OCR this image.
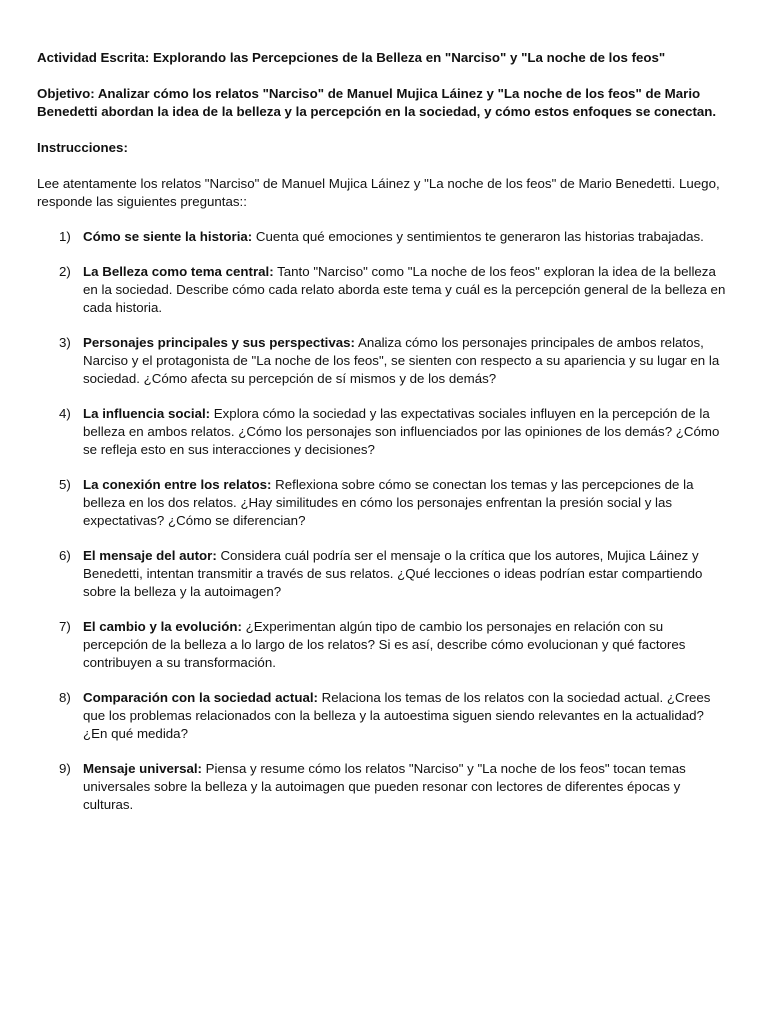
Actividad Escrita: Explorando las Percepciones de la Belleza en "Narciso" y "La noche de los feos"

Objetivo: Analizar cómo los relatos "Narciso" de Manuel Mujica Láinez y "La noche de los feos" de Mario Benedetti abordan la idea de la belleza y la percepción en la sociedad, y cómo estos enfoques se conectan.

Instrucciones:

Lee atentamente los relatos "Narciso" de Manuel Mujica Láinez y "La noche de los feos" de Mario Benedetti. Luego, responde las siguientes preguntas::

1) Cómo se siente la historia: Cuenta qué emociones y sentimientos te generaron las historias trabajadas.
2) La Belleza como tema central: Tanto "Narciso" como "La noche de los feos" exploran la idea de la belleza en la sociedad. Describe cómo cada relato aborda este tema y cuál es la percepción general de la belleza en cada historia.
3) Personajes principales y sus perspectivas: Analiza cómo los personajes principales de ambos relatos, Narciso y el protagonista de "La noche de los feos", se sienten con respecto a su apariencia y su lugar en la sociedad. ¿Cómo afecta su percepción de sí mismos y de los demás?
4) La influencia social: Explora cómo la sociedad y las expectativas sociales influyen en la percepción de la belleza en ambos relatos. ¿Cómo los personajes son influenciados por las opiniones de los demás? ¿Cómo se refleja esto en sus interacciones y decisiones?
5) La conexión entre los relatos: Reflexiona sobre cómo se conectan los temas y las percepciones de la belleza en los dos relatos. ¿Hay similitudes en cómo los personajes enfrentan la presión social y las expectativas? ¿Cómo se diferencian?
6) El mensaje del autor: Considera cuál podría ser el mensaje o la crítica que los autores, Mujica Láinez y Benedetti, intentan transmitir a través de sus relatos. ¿Qué lecciones o ideas podrían estar compartiendo sobre la belleza y la autoimagen?
7) El cambio y la evolución: ¿Experimentan algún tipo de cambio los personajes en relación con su percepción de la belleza a lo largo de los relatos? Si es así, describe cómo evolucionan y qué factores contribuyen a su transformación.
8) Comparación con la sociedad actual: Relaciona los temas de los relatos con la sociedad actual. ¿Crees que los problemas relacionados con la belleza y la autoestima siguen siendo relevantes en la actualidad? ¿En qué medida?
9) Mensaje universal: Piensa y resume cómo los relatos "Narciso" y "La noche de los feos" tocan temas universales sobre la belleza y la autoimagen que pueden resonar con lectores de diferentes épocas y culturas.
